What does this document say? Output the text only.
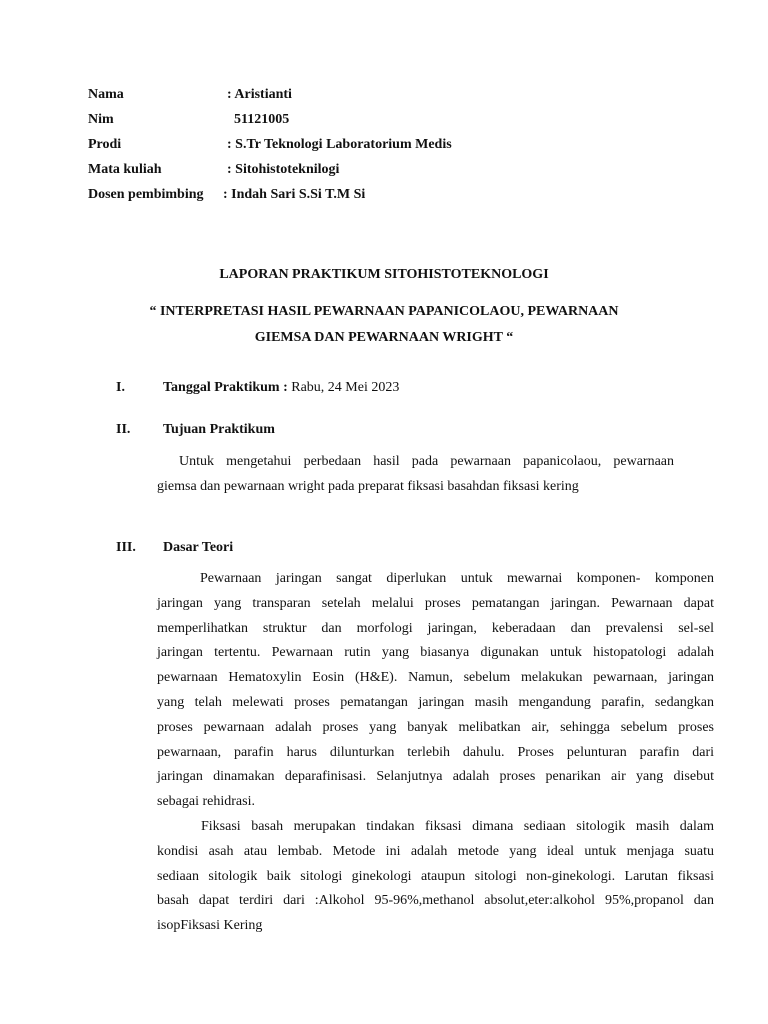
Nama	: Aristianti
Nim	51121005
Prodi	: S.Tr Teknologi Laboratorium Medis
Mata kuliah	: Sitohistoteknilogi
Dosen pembimbing	: Indah Sari S.Si T.M Si
LAPORAN PRAKTIKUM SITOHISTOTEKNOLOGI
“ INTERPRETASI HASIL PEWARNAAN PAPANICOLAOU, PEWARNAAN
GIEMSA DAN PEWARNAAN WRIGHT “
I.	Tanggal Praktikum : Rabu, 24 Mei 2023
II. Tujuan Praktikum
Untuk mengetahui perbedaan hasil pada pewarnaan papanicolaou, pewarnaan
giemsa dan pewarnaan wright pada preparat fiksasi basahdan fiksasi kering
III. Dasar Teori
Pewarnaan jaringan sangat diperlukan untuk mewarnai komponen- komponen
jaringan yang transparan setelah melalui proses pematangan jaringan. Pewarnaan dapat
memperlihatkan struktur dan morfologi jaringan, keberadaan dan prevalensi sel-sel
jaringan tertentu. Pewarnaan rutin yang biasanya digunakan untuk histopatologi adalah
pewarnaan Hematoxylin Eosin (H&E). Namun, sebelum melakukan pewarnaan, jaringan
yang telah melewati proses pematangan jaringan masih mengandung parafin, sedangkan
proses pewarnaan adalah proses yang banyak melibatkan air, sehingga sebelum proses
pewarnaan, parafin harus dilunturkan terlebih dahulu. Proses pelunturan parafin dari
jaringan dinamakan deparafinisasi. Selanjutnya adalah proses penarikan air yang disebut
sebagai rehidrasi.
Fiksasi basah merupakan tindakan fiksasi dimana sediaan sitologik masih dalam
kondisi asah atau lembab. Metode ini adalah metode yang ideal untuk menjaga suatu
sediaan sitologik baik sitologi ginekologi ataupun sitologi non-ginekologi. Larutan fiksasi
basah dapat terdiri dari :Alkohol 95-96%,methanol absolut,eter:alkohol 95%,propanol dan
isopFiksasi Kering
